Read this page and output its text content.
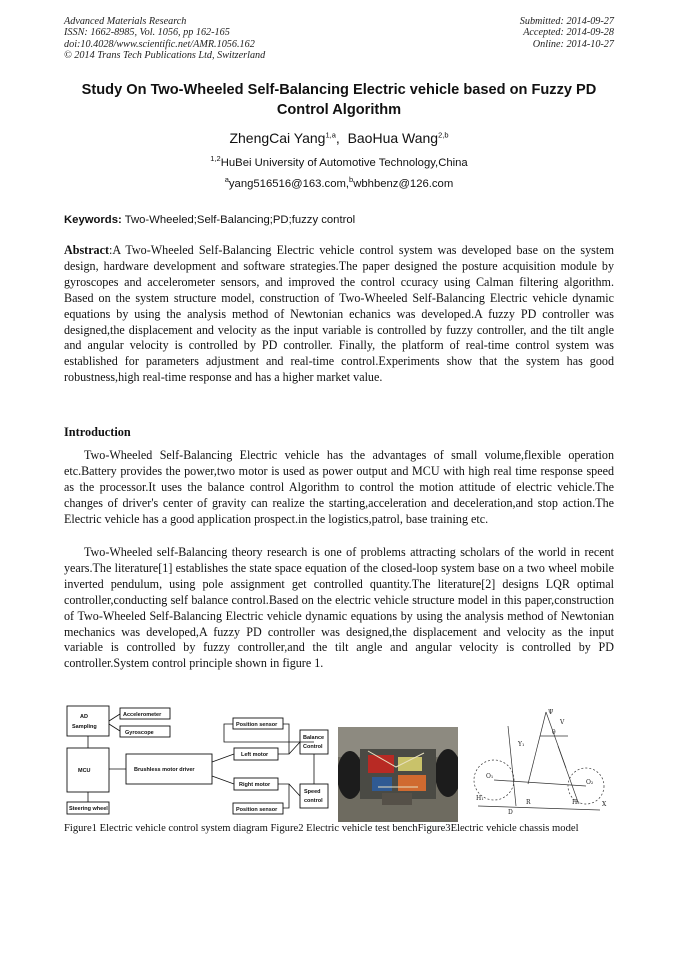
Advanced Materials Research
ISSN: 1662-8985, Vol. 1056, pp 162-165
doi:10.4028/www.scientific.net/AMR.1056.162
© 2014 Trans Tech Publications Ltd, Switzerland
Submitted: 2014-09-27
Accepted: 2014-09-28
Online: 2014-10-27
Study On Two-Wheeled Self-Balancing Electric vehicle based on Fuzzy PD Control Algorithm
ZhengCai Yang$^{1,a}$, BaoHua Wang$^{2,b}$
$^{1,2}$HuBei University of Automotive Technology,China
$^a$yang516516@163.com,$^b$wbhbenz@126.com
Keywords: Two-Wheeled;Self-Balancing;PD;fuzzy control
Abstract:A Two-Wheeled Self-Balancing Electric vehicle control system was developed base on the system design, hardware development and software strategies.The paper designed the posture acquisition module by gyroscopes and accelerometer sensors, and improved the control ccuracy using Calman filtering algorithm. Based on the system structure model, construction of Two-Wheeled Self-Balancing Electric vehicle dynamic equations by using the analysis method of Newtonian echanics was developed.A fuzzy PD controller was designed,the displacement and velocity as the input variable is controlled by fuzzy controller, and the tilt angle and angular velocity is controlled by PD controller. Finally, the platform of real-time control system was established for parameters adjustment and real-time control.Experiments show that the system has good robustness,high real-time response and has a higher market value.
Introduction
Two-Wheeled Self-Balancing Electric vehicle has the advantages of small volume,flexible operation etc.Battery provides the power,two motor is used as power output and MCU with high real time response speed as the processor.It uses the balance control Algorithm to control the motion attitude of electric vehicle.The changes of driver's center of gravity can realize the starting,acceleration and deceleration,and stop action.The Electric vehicle has a good application prospect.in the logistics,patrol, base training etc.
Two-Wheeled self-Balancing theory research is one of problems attracting scholars of the world in recent years.The literature[1] establishes the state space equation of the closed-loop system base on a two wheel mobile inverted pendulum, using pole assignment get controlled quantity.The literature[2] designs LQR optimal controller,conducting self balance control.Based on the electric vehicle structure model in this paper,construction of Two-Wheeled Self-Balancing Electric vehicle dynamic equations by using the analysis method of Newtonian mechanics was developed,A fuzzy PD controller was designed,the displacement and velocity as the input variable is controlled by fuzzy controller,and the tilt angle and angular velocity is controlled by PD controller.System control principle shown in figure 1.
AD
Sampling
Accelerometer
Gyroscope
Position sensor
Balance
Control
MCU	Brushless motor driver
Left motor
Right motor
Speed
control
Steering wheel	Position sensor
Ψ
V
θ
Y₁
O₁
O₂
D
R	X
H₁
H₂
Figure1 Electric vehicle control system diagram Figure2 Electric vehicle test benchFigure3Electric vehicle chassis model
